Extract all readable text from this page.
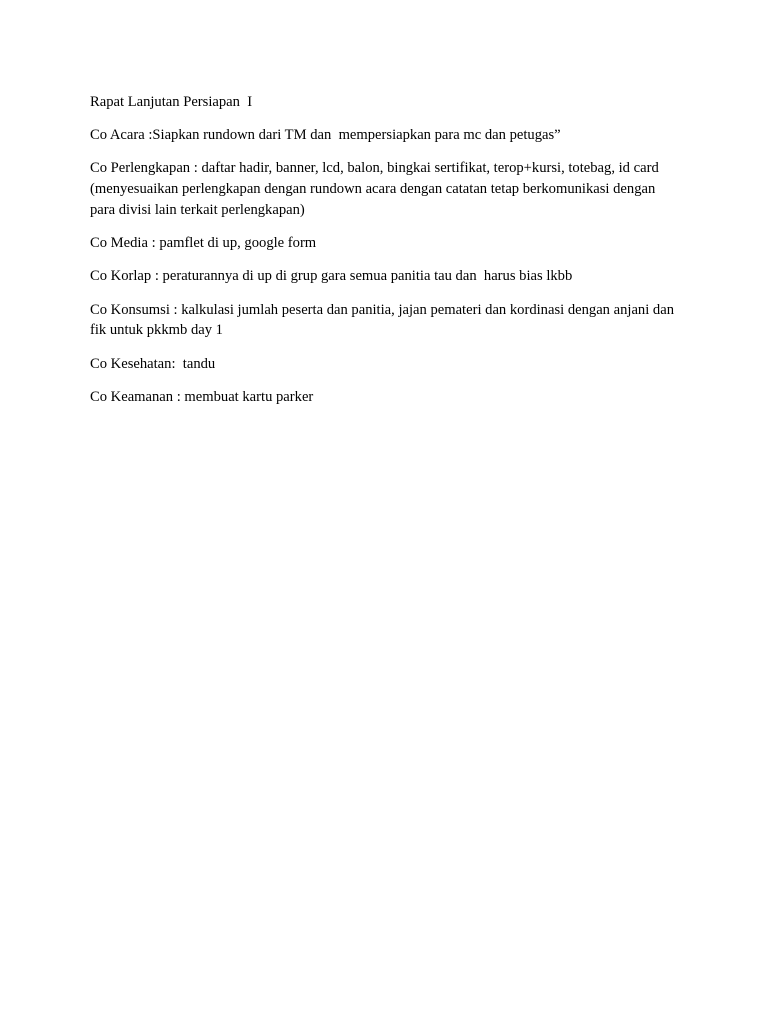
Rapat Lanjutan Persiapan  I

Co Acara :Siapkan rundown dari TM dan  mempersiapkan para mc dan petugas”

Co Perlengkapan : daftar hadir, banner, lcd, balon, bingkai sertifikat, terop+kursi, totebag, id card (menyesuaikan perlengkapan dengan rundown acara dengan catatan tetap berkomunikasi dengan para divisi lain terkait perlengkapan)

Co Media : pamflet di up, google form

Co Korlap : peraturannya di up di grup gara semua panitia tau dan  harus bias lkbb

Co Konsumsi : kalkulasi jumlah peserta dan panitia, jajan pemateri dan kordinasi dengan anjani dan fik untuk pkkmb day 1

Co Kesehatan:  tandu

Co Keamanan : membuat kartu parker
